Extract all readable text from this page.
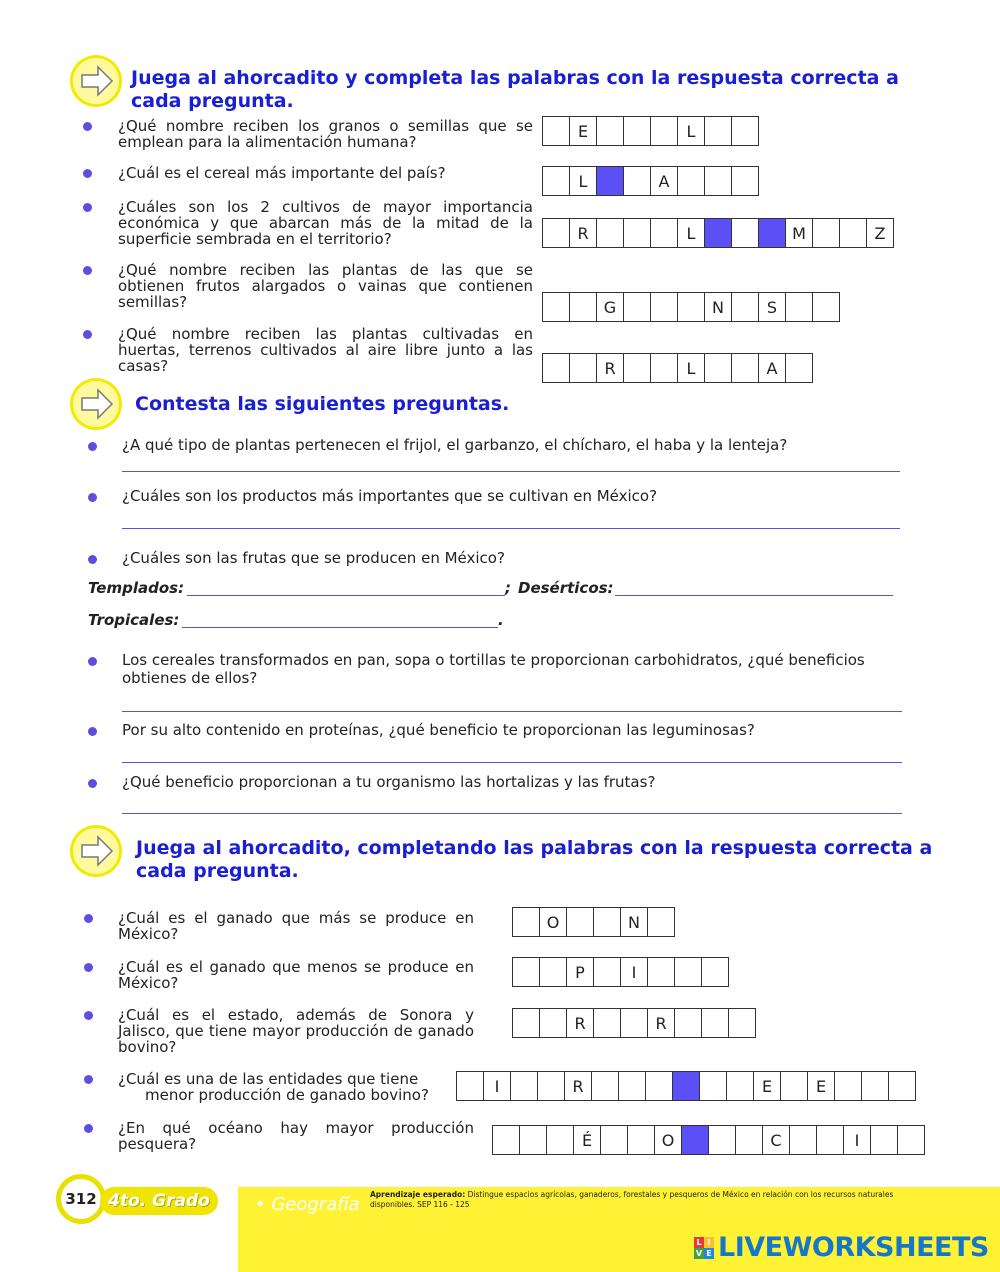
Juega al ahorcadito y completa las palabras con la respuesta correcta a cada pregunta.
¿Qué nombre reciben los granos o semillas que se emplean para la alimentación humana?
E	L
¿Cuál es el cereal más importante del país?	L	A
¿Cuáles son los 2 cultivos de mayor importancia económica y que abarcan más de la mitad de la superficie sembrada en el territorio?	R	L	M	Z
¿Qué nombre reciben las plantas de las que se obtienen frutos alargados o vainas que contienen semillas?	G	N	S
¿Qué nombre reciben las plantas cultivadas en huertas, terrenos cultivados al aire libre junto a las casas?	R	L	A
Contesta las siguientes preguntas.
¿A qué tipo de plantas pertenecen el frijol, el garbanzo, el chícharo, el haba y la lenteja?
¿Cuáles son los productos más importantes que se cultivan en México?
¿Cuáles son las frutas que se producen en México?
Templados:	; Desérticos:
Tropicales:	.
Los cereales transformados en pan, sopa o tortillas te proporcionan carbohidratos, ¿qué beneficios obtienes de ellos?
Por su alto contenido en proteínas, ¿qué beneficio te proporcionan las leguminosas?
¿Qué beneficio proporcionan a tu organismo las hortalizas y las frutas?
Juega al ahorcadito, completando las palabras con la respuesta correcta a cada pregunta.
¿Cuál es el ganado que más se produce en México?
O	N
¿Cuál es el ganado que menos se produce en México?
P	I
¿Cuál es el estado, además de Sonora y Jalisco, que tiene mayor producción de ganado bovino?
R	R
¿Cuál es una de las entidades que tiene
menor producción de ganado bovino?	I	R	E	E
¿En qué océano hay mayor producción pesquera?	É	O	C	I
312 4to. Grado	• Geografía Aprendizaje esperado: Distingue espacios agrícolas, ganaderos, forestales y pesqueros de México en relación con los recursos naturales disponibles. SEP 116 - 125
L I
V E LIVEWORKSHEETS
